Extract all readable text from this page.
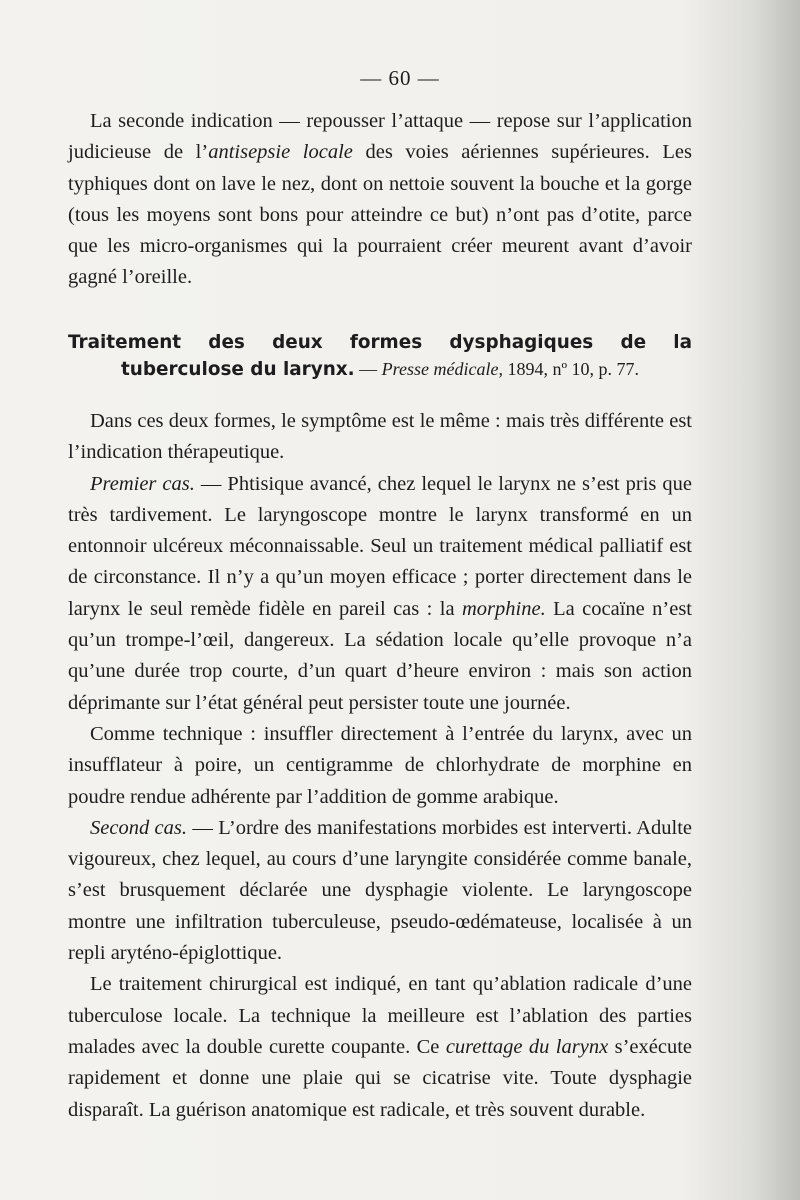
— 60 —

La seconde indication — repousser l’attaque — repose sur l’application judicieuse de l’antisepsie locale des voies aériennes supérieures. Les typhiques dont on lave le nez, dont on nettoie souvent la bouche et la gorge (tous les moyens sont bons pour atteindre ce but) n’ont pas d’otite, parce que les micro-organismes qui la pourraient créer meurent avant d’avoir gagné l’oreille.

Traitement des deux formes dysphagiques de la tuberculose du larynx. — Presse médicale, 1894, nº 10, p. 77.

Dans ces deux formes, le symptôme est le même : mais très différente est l’indication thérapeutique.

Premier cas. — Phtisique avancé, chez lequel le larynx ne s’est pris que très tardivement. Le laryngoscope montre le larynx transformé en un entonnoir ulcéreux méconnaissable. Seul un traitement médical palliatif est de circonstance. Il n’y a qu’un moyen efficace ; porter directement dans le larynx le seul remède fidèle en pareil cas : la morphine. La cocaïne n’est qu’un trompe-l’œil, dangereux. La sédation locale qu’elle provoque n’a qu’une durée trop courte, d’un quart d’heure environ : mais son action déprimante sur l’état général peut persister toute une journée.

Comme technique : insuffler directement à l’entrée du larynx, avec un insufflateur à poire, un centigramme de chlorhydrate de morphine en poudre rendue adhérente par l’addition de gomme arabique.

Second cas. — L’ordre des manifestations morbides est interverti. Adulte vigoureux, chez lequel, au cours d’une laryngite considérée comme banale, s’est brusquement déclarée une dysphagie violente. Le laryngoscope montre une infiltration tuberculeuse, pseudo-œdémateuse, localisée à un repli aryténo-épiglottique.

Le traitement chirurgical est indiqué, en tant qu’ablation radicale d’une tuberculose locale. La technique la meilleure est l’ablation des parties malades avec la double curette coupante. Ce curettage du larynx s’exécute rapidement et donne une plaie qui se cicatrise vite. Toute dysphagie disparaît. La guérison anatomique est radicale, et très souvent durable.
